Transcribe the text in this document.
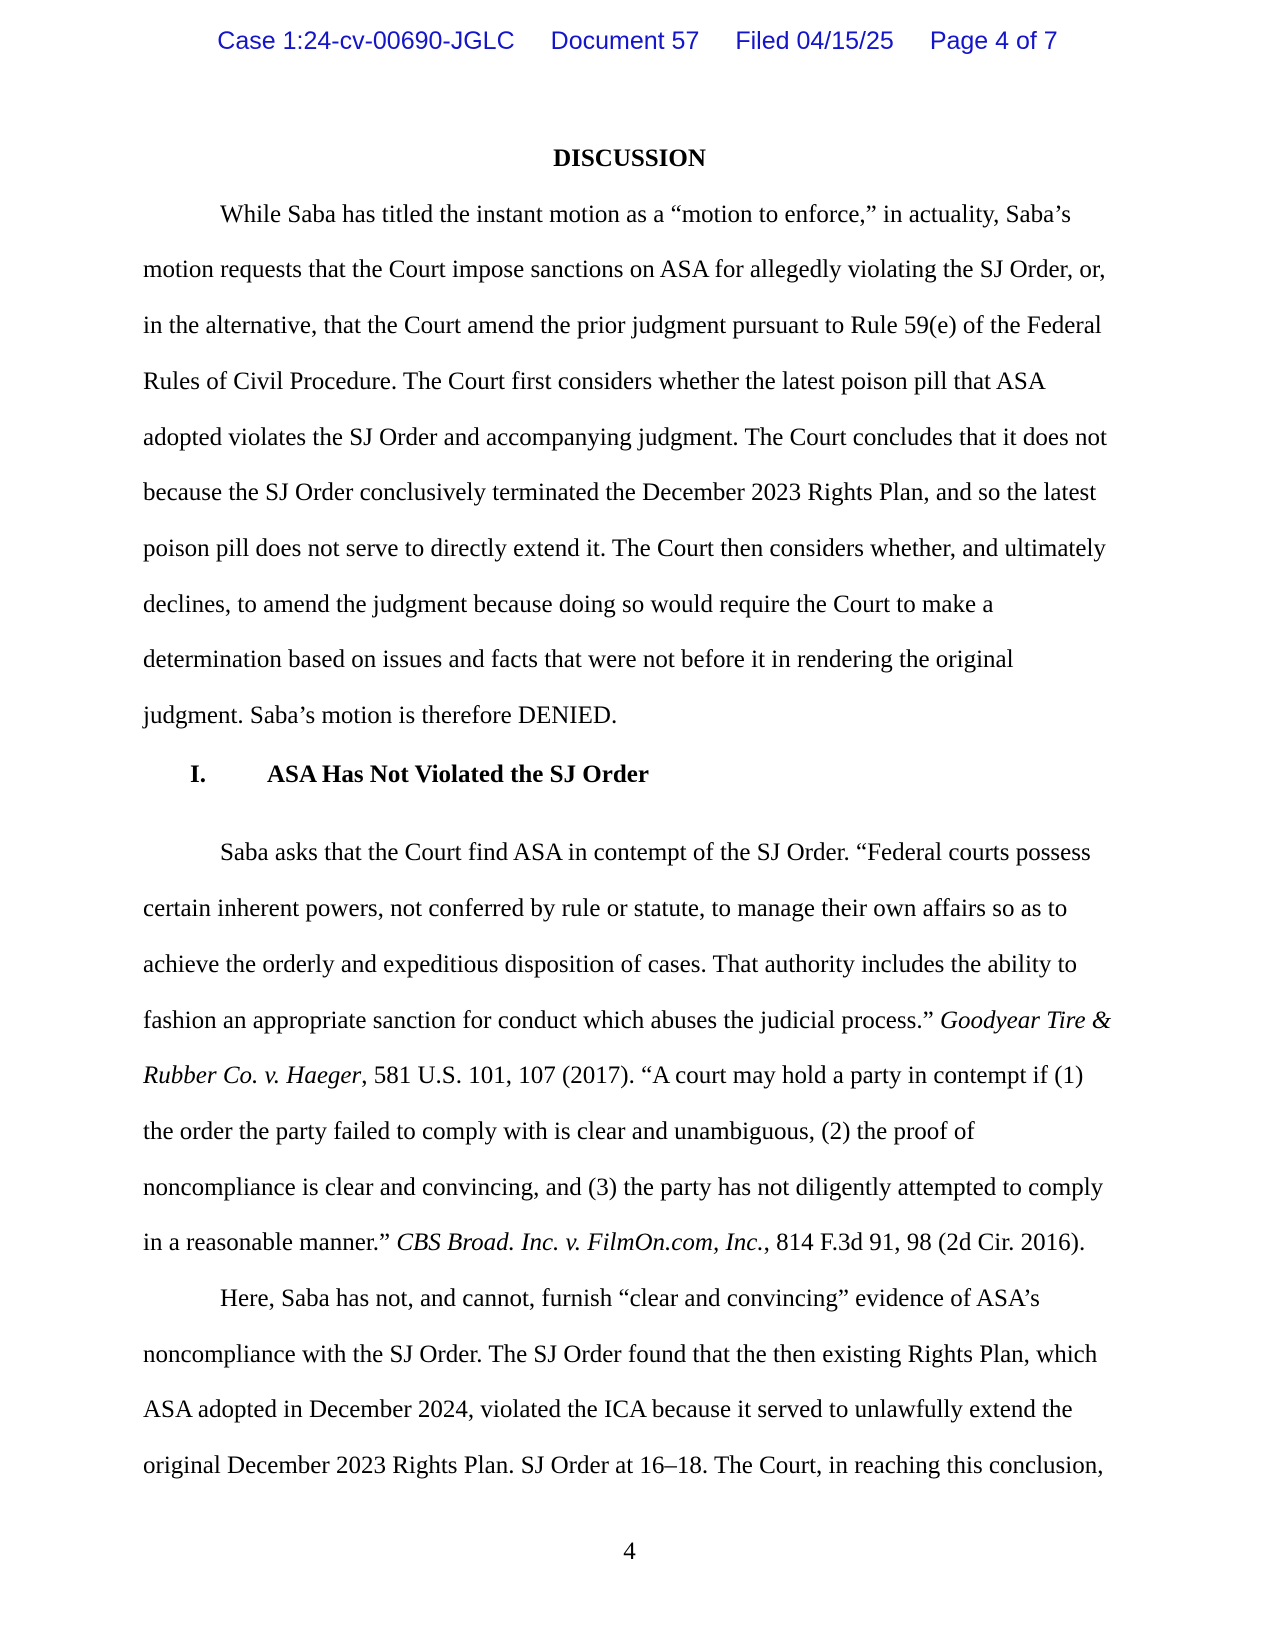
Case 1:24-cv-00690-JGLC Document 57 Filed 04/15/25 Page 4 of 7
DISCUSSION

While Saba has titled the instant motion as a “motion to enforce,” in actuality, Saba’s motion requests that the Court impose sanctions on ASA for allegedly violating the SJ Order, or, in the alternative, that the Court amend the prior judgment pursuant to Rule 59(e) of the Federal Rules of Civil Procedure. The Court first considers whether the latest poison pill that ASA adopted violates the SJ Order and accompanying judgment. The Court concludes that it does not because the SJ Order conclusively terminated the December 2023 Rights Plan, and so the latest poison pill does not serve to directly extend it. The Court then considers whether, and ultimately declines, to amend the judgment because doing so would require the Court to make a determination based on issues and facts that were not before it in rendering the original judgment. Saba’s motion is therefore DENIED.

I. ASA Has Not Violated the SJ Order

Saba asks that the Court find ASA in contempt of the SJ Order. “Federal courts possess certain inherent powers, not conferred by rule or statute, to manage their own affairs so as to achieve the orderly and expeditious disposition of cases. That authority includes the ability to fashion an appropriate sanction for conduct which abuses the judicial process.” Goodyear Tire & Rubber Co. v. Haeger, 581 U.S. 101, 107 (2017). “A court may hold a party in contempt if (1) the order the party failed to comply with is clear and unambiguous, (2) the proof of noncompliance is clear and convincing, and (3) the party has not diligently attempted to comply in a reasonable manner.” CBS Broad. Inc. v. FilmOn.com, Inc., 814 F.3d 91, 98 (2d Cir. 2016).

Here, Saba has not, and cannot, furnish “clear and convincing” evidence of ASA’s noncompliance with the SJ Order. The SJ Order found that the then existing Rights Plan, which ASA adopted in December 2024, violated the ICA because it served to unlawfully extend the original December 2023 Rights Plan. SJ Order at 16–18. The Court, in reaching this conclusion,

4
